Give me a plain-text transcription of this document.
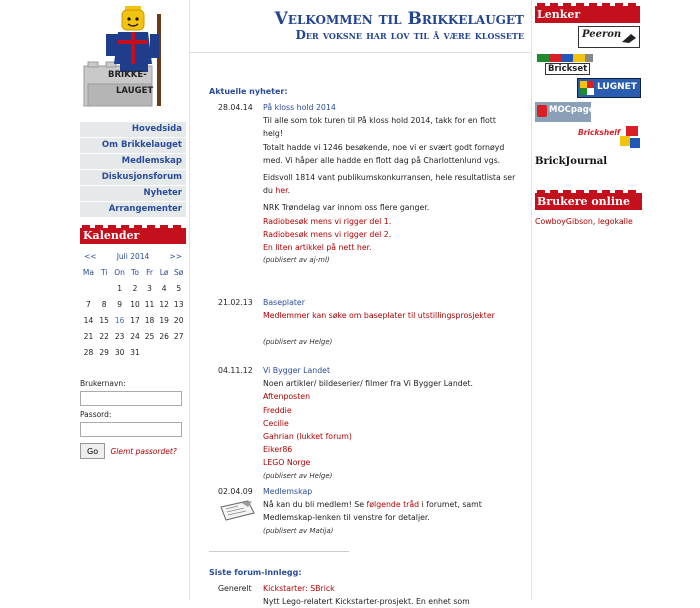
BRIKKE-
LAUGET
Hovedsida
Om Brikkelauget
Medlemskap
Diskusjonsforum
Nyheter
Arrangementer
Kalender
<<	Juli 2014	>>
Ma	Ti	On	To	Fr	Lø	Sø
		1	2	3	4	5
7	8	9	10	11	12	13
14	15	16	17	18	19	20
21	22	23	24	25	26	27
28	29	30	31			
Brukernavn:
Passord:
Go Glemt passordet?
Velkommen til Brikkelauget
Der voksne har lov til å være klossete
Aktuelle nyheter:
28.04.14	På kloss hold 2014

Til alle som tok turen til På kloss hold 2014, takk for en flott helg!

Totalt hadde vi 1246 besøkende, noe vi er svært godt fornøyd med. Vi håper alle hadde en flott dag på Charlottenlund vgs.

Eidsvoll 1814 vant publikumskonkurransen, hele resultatlista ser du her.

NRK Trøndelag var innom oss flere ganger.

Radiobesøk mens vi rigger del 1.
Radiobesøk mens vi rigger del 2.
En liten artikkel på nett her.
(publisert av aj-ml)
21.02.13	Baseplater
Medlemmer kan søke om baseplater til utstillingsprosjekter
(publisert av Helge)
04.11.12	Vi Bygger Landet
Noen artikler/ bildeserier/ filmer fra Vi Bygger Landet.
Aftenposten
Freddie
Cecilie
Gahrian (lukket forum)
Eiker86
LEGO Norge
(publisert av Helge)
02.04.09	Medlemskap
Nå kan du bli medlem! Se følgende tråd i forumet, samt Medlemskap-lenken til venstre for detaljer.
(publisert av Matija)
Siste forum-innlegg:
Generelt	Kickstarter: SBrick
Nytt Lego-relatert Kickstarter-prosjekt. En enhet som
Lenker
Peeron
Brickset
LUGNET
MOCpages
Brickshelf
BrickJournal
Brukere online
CowboyGibson, legokalle
